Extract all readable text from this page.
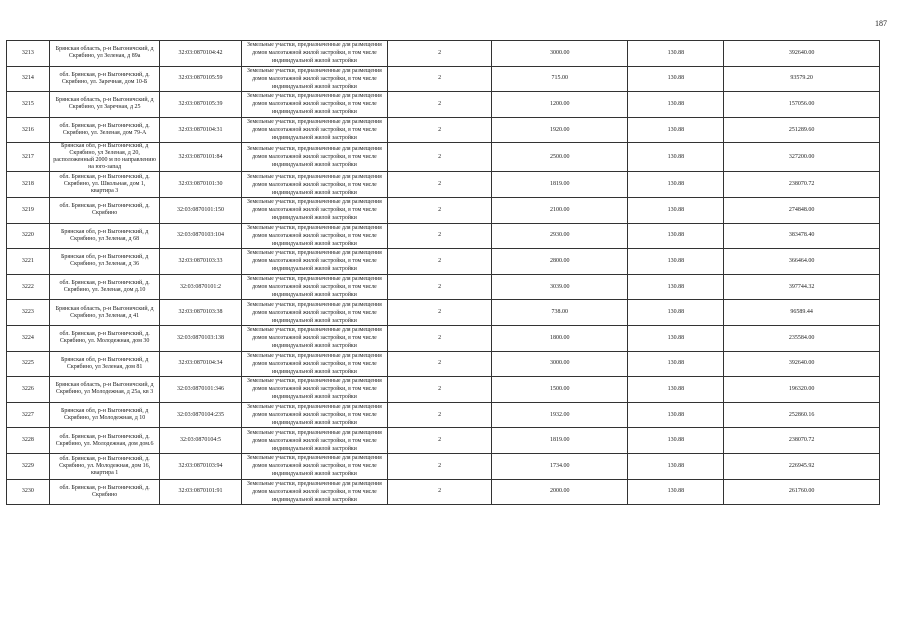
187
3213	Брянская область, р-н Выгоничский, д Скрябино, ул Зеленая, д 89а	32:03:0870104:42	Земельные участки, предназначенные для размещения домов малоэтажной жилой застройки, в том числе индивидуальной жилой застройки	2	3000.00	130.88	392640.00
3214	обл. Брянская, р-н Выгоничский, д. Скрябино, ул. Заречная, дом 10-Б	32:03:0870105:59	Земельные участки, предназначенные для размещения домов малоэтажной жилой застройки, в том числе индивидуальной жилой застройки	2	715.00	130.88	93579.20
3215	Брянская область, р-н Выгоничский, д Скрябино, ул Заречная, д 25	32:03:0870105:39	Земельные участки, предназначенные для размещения домов малоэтажной жилой застройки, в том числе индивидуальной жилой застройки	2	1200.00	130.88	157056.00
3216	обл. Брянская, р-н Выгоничский, д. Скрябино, ул. Зеленая, дом 79-А	32:03:0870104:31	Земельные участки, предназначенные для размещения домов малоэтажной жилой застройки, в том числе индивидуальной жилой застройки	2	1920.00	130.88	251289.60
3217	Брянская обл, р-н Выгоничский, д Скрябино, ул Зеленая, д 20, расположенный 2000 м по направлению на юго-запад	32:03:0870101:84	Земельные участки, предназначенные для размещения домов малоэтажной жилой застройки, в том числе индивидуальной жилой застройки	2	2500.00	130.88	327200.00
3218	обл. Брянская, р-н Выгоничский, д. Скрябино, ул. Школьная, дом 1, квартира 3	32:03:0870101:30	Земельные участки, предназначенные для размещения домов малоэтажной жилой застройки, в том числе индивидуальной жилой застройки	2	1819.00	130.88	238070.72
3219	обл. Брянская, р-н Выгоничский, д. Скрябино	32:03:0870101:150	Земельные участки, предназначенные для размещения домов малоэтажной жилой застройки, в том числе индивидуальной жилой застройки	2	2100.00	130.88	274848.00
3220	Брянская обл, р-н Выгоничский, д Скрябино, ул Зеленая, д 68	32:03:0870103:104	Земельные участки, предназначенные для размещения домов малоэтажной жилой застройки, в том числе индивидуальной жилой застройки	2	2930.00	130.88	383478.40
3221	Брянская обл, р-н Выгоничский, д Скрябино, ул Зеленая, д 36	32:03:0870103:33	Земельные участки, предназначенные для размещения домов малоэтажной жилой застройки, в том числе индивидуальной жилой застройки	2	2800.00	130.88	366464.00
3222	обл. Брянская, р-н Выгоничский, д. Скрябино, ул. Зеленая, дом д.10	32:03:0870101:2	Земельные участки, предназначенные для размещения домов малоэтажной жилой застройки, в том числе индивидуальной жилой застройки	2	3039.00	130.88	397744.32
3223	Брянская область, р-н Выгоничский, д Скрябино, ул Зеленая, д 41	32:03:0870103:38	Земельные участки, предназначенные для размещения домов малоэтажной жилой застройки, в том числе индивидуальной жилой застройки	2	738.00	130.88	96589.44
3224	обл. Брянская, р-н Выгоничский, д. Скрябино, ул. Молодежная, дом 30	32:03:0870103:138	Земельные участки, предназначенные для размещения домов малоэтажной жилой застройки, в том числе индивидуальной жилой застройки	2	1800.00	130.88	235584.00
3225	Брянская обл, р-н Выгоничский, д Скрябино, ул Зеленая, дом 81	32:03:0870104:34	Земельные участки, предназначенные для размещения домов малоэтажной жилой застройки, в том числе индивидуальной жилой застройки	2	3000.00	130.88	392640.00
3226	Брянская область, р-н Выгоничский, д Скрябино, ул Молодежная, д 25а, кв 3	32:03:0870101:346	Земельные участки, предназначенные для размещения домов малоэтажной жилой застройки, в том числе индивидуальной жилой застройки	2	1500.00	130.88	196320.00
3227	Брянская обл, р-н Выгоничский, д Скрябино, ул Молодежная, д 10	32:03:0870104:235	Земельные участки, предназначенные для размещения домов малоэтажной жилой застройки, в том числе индивидуальной жилой застройки	2	1932.00	130.88	252860.16
3228	обл. Брянская, р-н Выгоничский, д. Скрябино, ул. Молодежная, дом дом.6	32:03:0870104:5	Земельные участки, предназначенные для размещения домов малоэтажной жилой застройки, в том числе индивидуальной жилой застройки	2	1819.00	130.88	238070.72
3229	обл. Брянская, р-н Выгоничский, д. Скрябино, ул. Молодежная, дом 16, квартира 1	32:03:0870103:94	Земельные участки, предназначенные для размещения домов малоэтажной жилой застройки, в том числе индивидуальной жилой застройки	2	1734.00	130.88	226945.92
3230	обл. Брянская, р-н Выгоничский, д. Скрябино	32:03:0870101:91	Земельные участки, предназначенные для размещения домов малоэтажной жилой застройки, в том числе индивидуальной жилой застройки	2	2000.00	130.88	261760.00
